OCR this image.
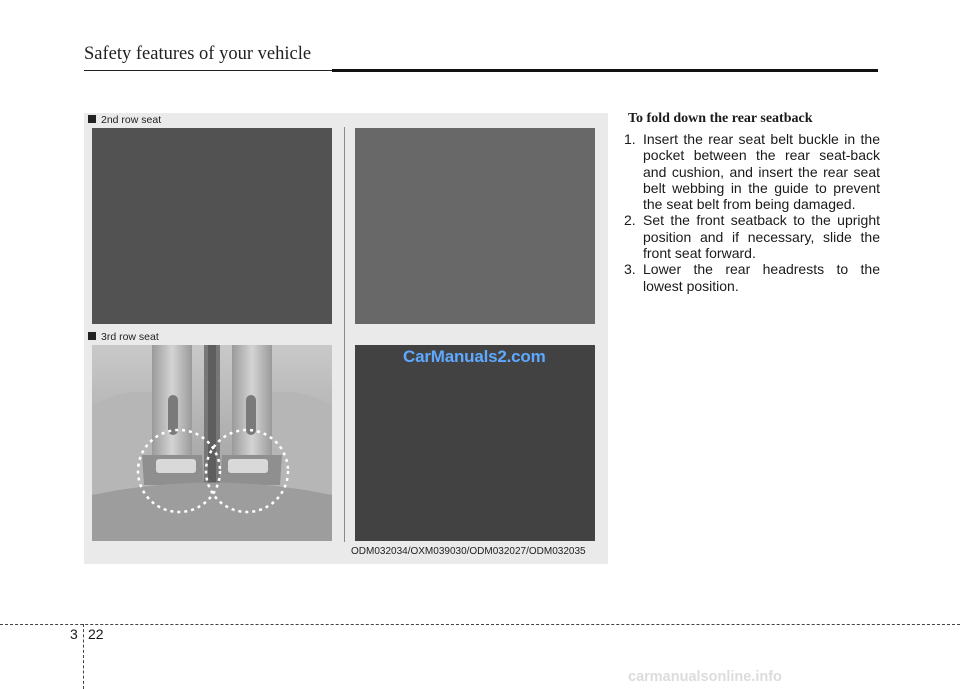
Safety features of your vehicle
2nd row seat
3rd row seat
CarManuals2.com
ODM032034/OXM039030/ODM032027/ODM032035
To fold down the rear seatback
1. Insert the rear seat belt buckle in the pocket between the rear seat-back and cushion, and insert the rear seat belt webbing in the guide to prevent the seat belt from being damaged.
2. Set the front seatback to the upright position and if necessary, slide the front seat forward.
3. Lower the rear headrests to the lowest position.
3 22
carmanualsonline.info
